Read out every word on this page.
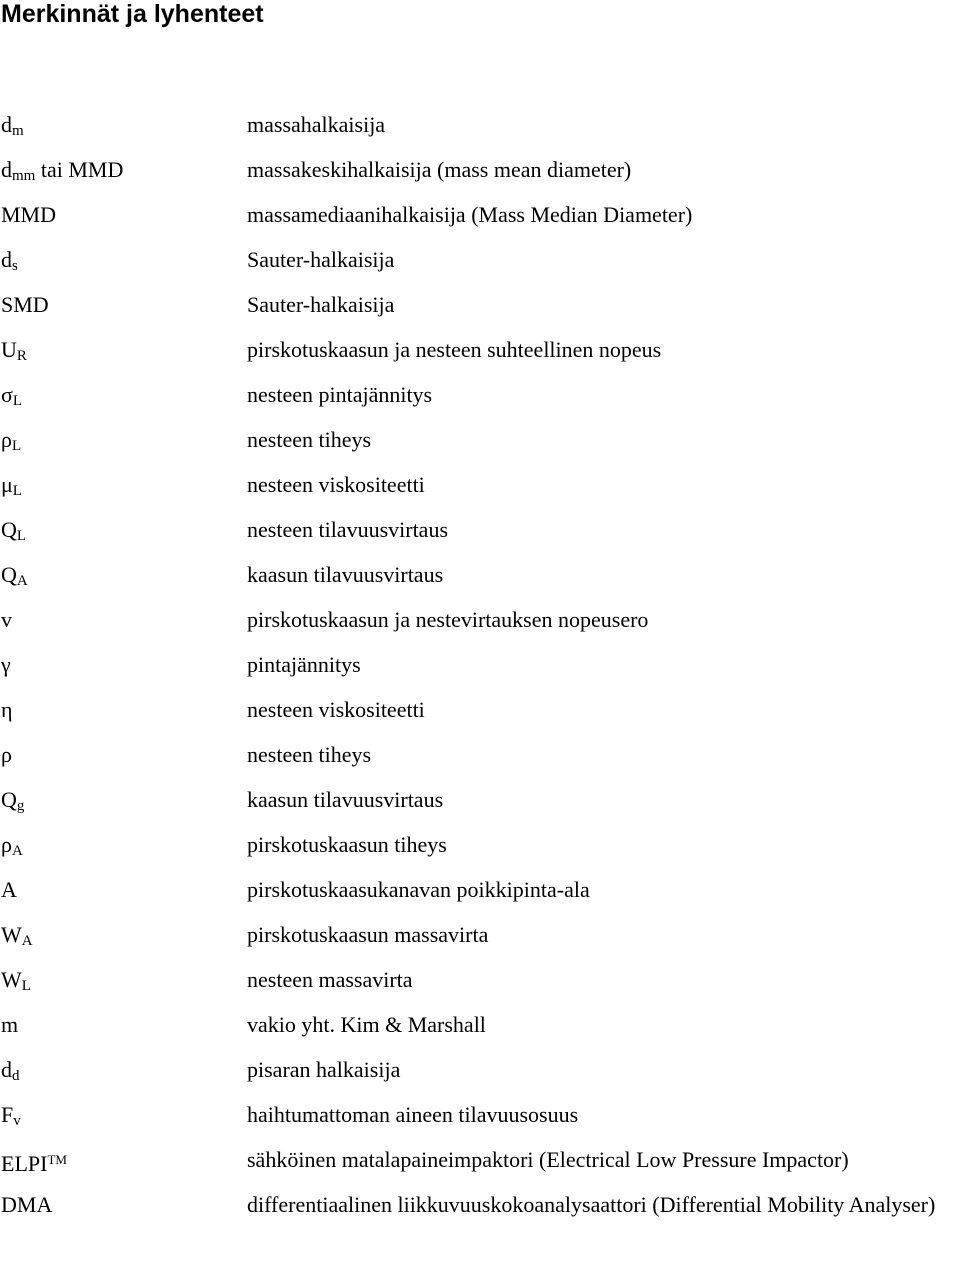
Merkinnät ja lyhenteet
$d_m$	massahalkaisija
$d_{mm}$ tai MMD	massakeskihalkaisija (mass mean diameter)
MMD	massamediaanihalkaisija (Mass Median Diameter)
$d_s$	Sauter-halkaisija
SMD	Sauter-halkaisija
$U_R$	pirskotuskaasun ja nesteen suhteellinen nopeus
$\sigma_L$	nesteen pintajännitys
$\rho_L$	nesteen tiheys
$\mu_L$	nesteen viskositeetti
$Q_L$	nesteen tilavuusvirtaus
$Q_A$	kaasun tilavuusvirtaus
v	pirskotuskaasun ja nestevirtauksen nopeusero
γ	pintajännitys
η	nesteen viskositeetti
ρ	nesteen tiheys
$Q_g$	kaasun tilavuusvirtaus
$\rho_A$	pirskotuskaasun tiheys
A	pirskotuskaasukanavan poikkipinta-ala
$W_A$	pirskotuskaasun massavirta
$W_L$	nesteen massavirta
m	vakio yht. Kim & Marshall
$d_d$	pisaran halkaisija
$F_v$	haihtumattoman aineen tilavuusosuus
ELPI™	sähköinen matalapaineimpaktori (Electrical Low Pressure Impactor)
DMA	differentiaalinen liikkuvuuskokoanalysaattori (Differential Mobility Analyser)
